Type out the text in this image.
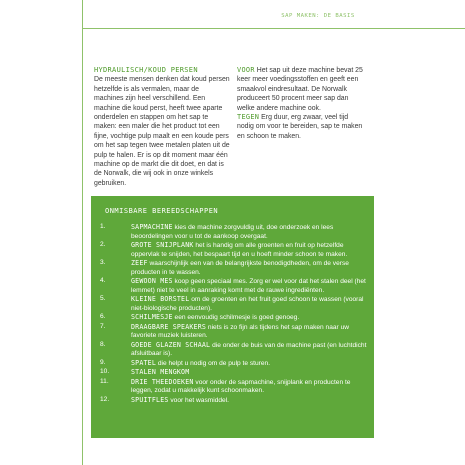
SAP MAKEN: DE BASIS
HYDRAULISCH/KOUD PERSEN
De meeste mensen denken dat koud persen hetzelfde is als vermalen, maar de machines zijn heel verschillend. Een machine die koud perst, heeft twee aparte onderdelen en stappen om het sap te maken: een maler die het product tot een fijne, vochtige pulp maalt en een koude pers om het sap tegen twee metalen platen uit de pulp te halen. Er is op dit moment maar één machine op de markt die dit doet, en dat is de Norwalk, die wij ook in onze winkels gebruiken.
VOOR Het sap uit deze machine bevat 25 keer meer voedingsstoffen en geeft een smaakvol eindresultaat. De Norwalk produceert 50 procent meer sap dan welke andere machine ook.
TEGEN Erg duur, erg zwaar, veel tijd nodig om voor te bereiden, sap te maken en schoon te maken.
ONMISBARE BEREEDSCHAPPEN
1.	SAPMACHINE kies de machine zorgvuldig uit, doe onderzoek en lees beoordelingen voor u tot de aankoop overgaat.
2.	GROTE SNIJPLANK het is handig om alle groenten en fruit op hetzelfde oppervlak te snijden, het bespaart tijd en u hoeft minder schoon te maken.
3.	ZEEF waarschijnlijk een van de belangrijkste benodigdheden, om de verse producten in te wassen.
4.	GEWOON MES koop geen speciaal mes. Zorg er wel voor dat het stalen deel (het lemmet) niet te veel in aanraking komt met de rauwe ingrediënten.
5.	KLEINE BORSTEL om de groenten en het fruit goed schoon te wassen (vooral niet-biologische producten).
6.	SCHILMESJE een eenvoudig schilmesje is goed genoeg.
7.	DRAAGBARE SPEAKERS niets is zo fijn als tijdens het sap maken naar uw favoriete muziek luisteren.
8.	GOEDE GLAZEN SCHAAL die onder de buis van de machine past (en luchtdicht afsluitbaar is).
9.	SPATEL die helpt u nodig om de pulp te sturen.
10.	STALEN MENGKOM
11.	DRIE THEEDOEKEN voor onder de sapmachine, snijplank en producten te leggen, zodat u makkelijk kunt schoonmaken.
12.	SPUITFLES voor het wasmiddel.
